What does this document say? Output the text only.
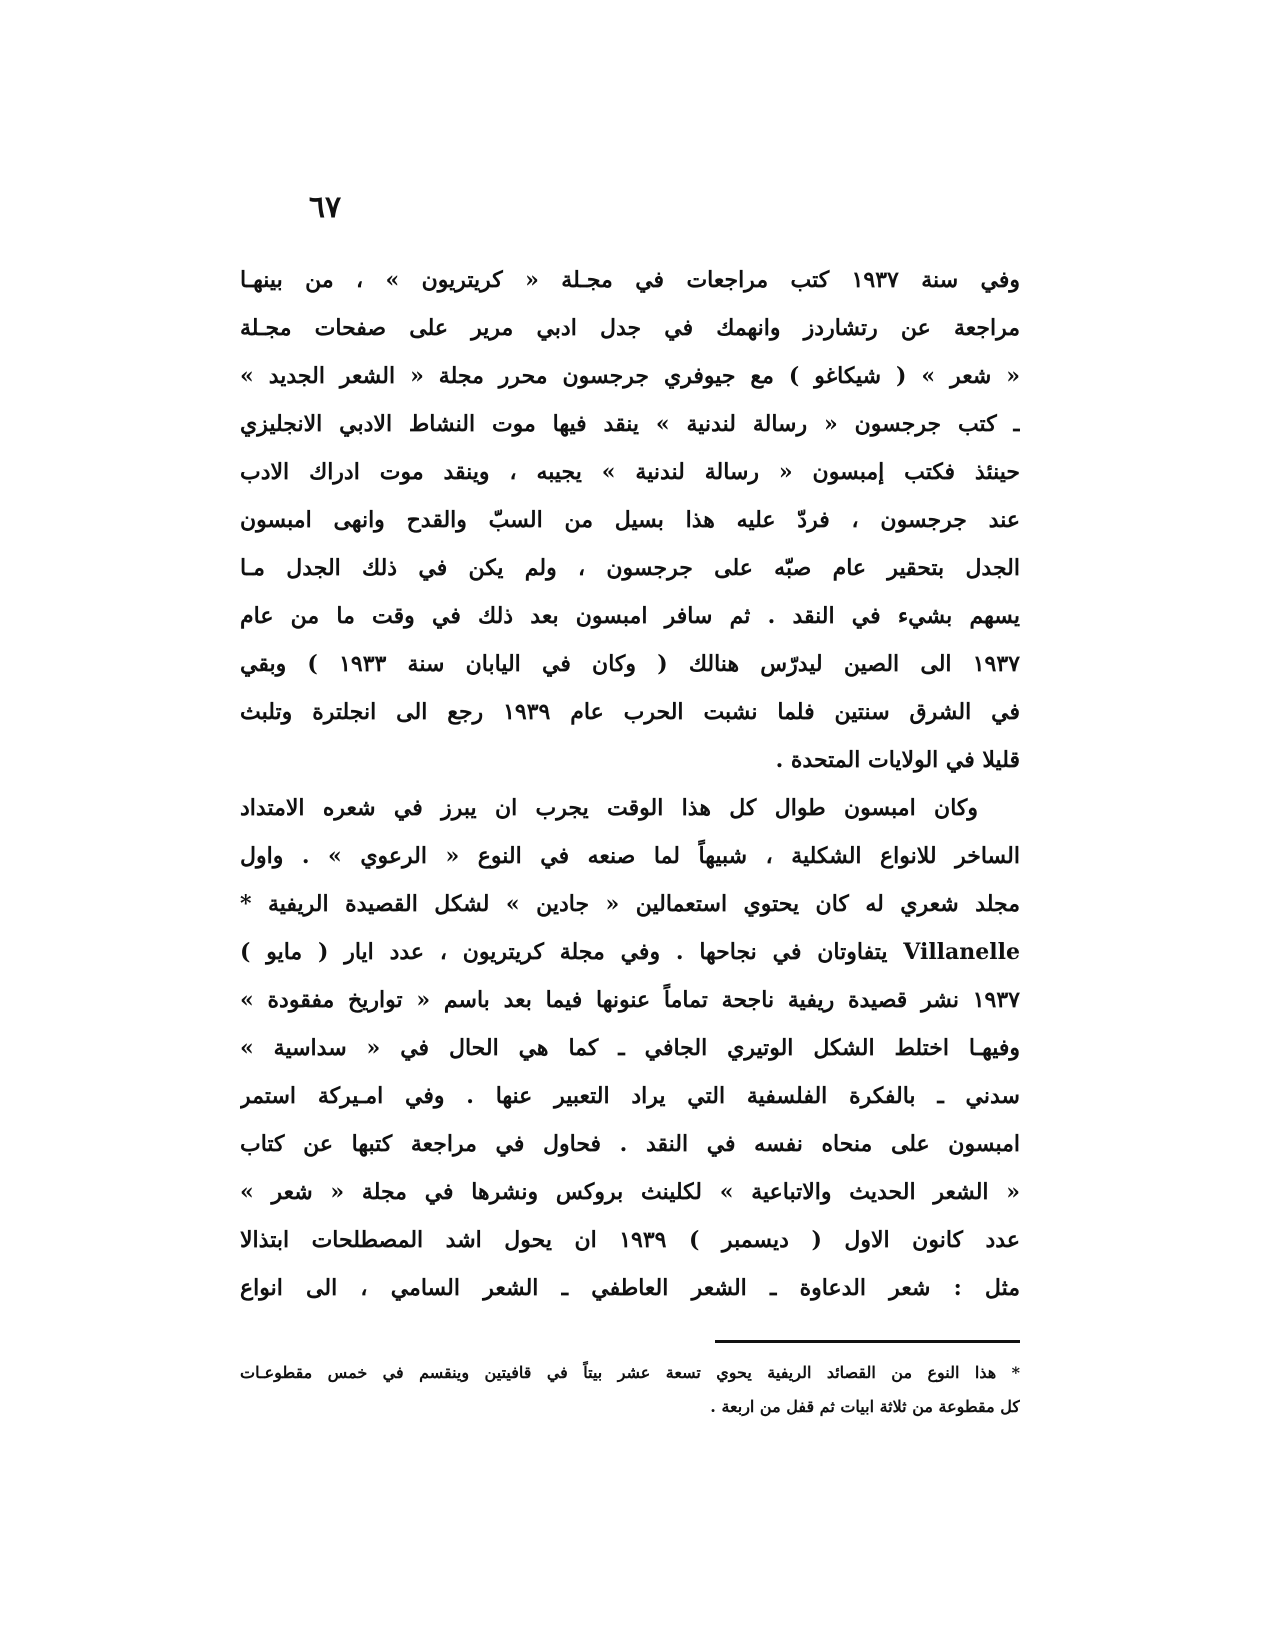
٦٧
وفي سنة ١٩٣٧ كتب مراجعات في مجـلة « كريتريون » ، من بينهـا
مراجعة عن رتشاردز وانهمك في جدل ادبي مرير على صفحات مجـلة
« شعر » ( شيكاغو ) مع جيوفري جرجسون محرر مجلة « الشعر الجديد »
ـ كتب جرجسون « رسالة لندنية » ينقد فيها موت النشاط الادبي الانجليزي
حينئذ فكتب إمبسون « رسالة لندنية » يجيبه ، وينقد موت ادراك الادب
عند جرجسون ، فردّ عليه هذا بسيل من السبّ والقدح وانهى امبسون
الجدل بتحقير عام صبّه على جرجسون ، ولم يكن في ذلك الجدل مـا
يسهم بشيء في النقد . ثم سافر امبسون بعد ذلك في وقت ما من عام
١٩٣٧ الى الصين ليدرّس هنالك ( وكان في اليابان سنة ١٩٣٣ ) وبقي
في الشرق سنتين فلما نشبت الحرب عام ١٩٣٩ رجع الى انجلترة وتلبث
قليلا في الولايات المتحدة .
وكان امبسون طوال كل هذا الوقت يجرب ان يبرز في شعره الامتداد
الساخر للانواع الشكلية ، شبيهاً لما صنعه في النوع « الرعوي » . واول
مجلد شعري له كان يحتوي استعمالين « جادين » لشكل القصيدة الريفية *
Villanelle يتفاوتان في نجاحها . وفي مجلة كريتريون ، عدد ايار ( مايو )
١٩٣٧ نشر قصيدة ريفية ناجحة تماماً عنونها فيما بعد باسم « تواريخ مفقودة »
وفيهـا اختلط الشكل الوتيري الجافي ـ كما هي الحال في « سداسية »
سدني ـ بالفكرة الفلسفية التي يراد التعبير عنها . وفي امـيركة استمر
امبسون على منحاه نفسه في النقد . فحاول في مراجعة كتبها عن كتاب
« الشعر الحديث والاتباعية » لكلينث بروكس ونشرها في مجلة « شعر »
عدد كانون الاول ( ديسمبر ) ١٩٣٩ ان يحول اشد المصطلحات ابتذالا
مثل : شعر الدعاوة ـ الشعر العاطفي ـ الشعر السامي ، الى انواع
* هذا النوع من القصائد الريفية يحوي تسعة عشر بيتاً في قافيتين وينقسم في خمس مقطوعـات
كل مقطوعة من ثلاثة ابيات ثم قفل من اربعة .
